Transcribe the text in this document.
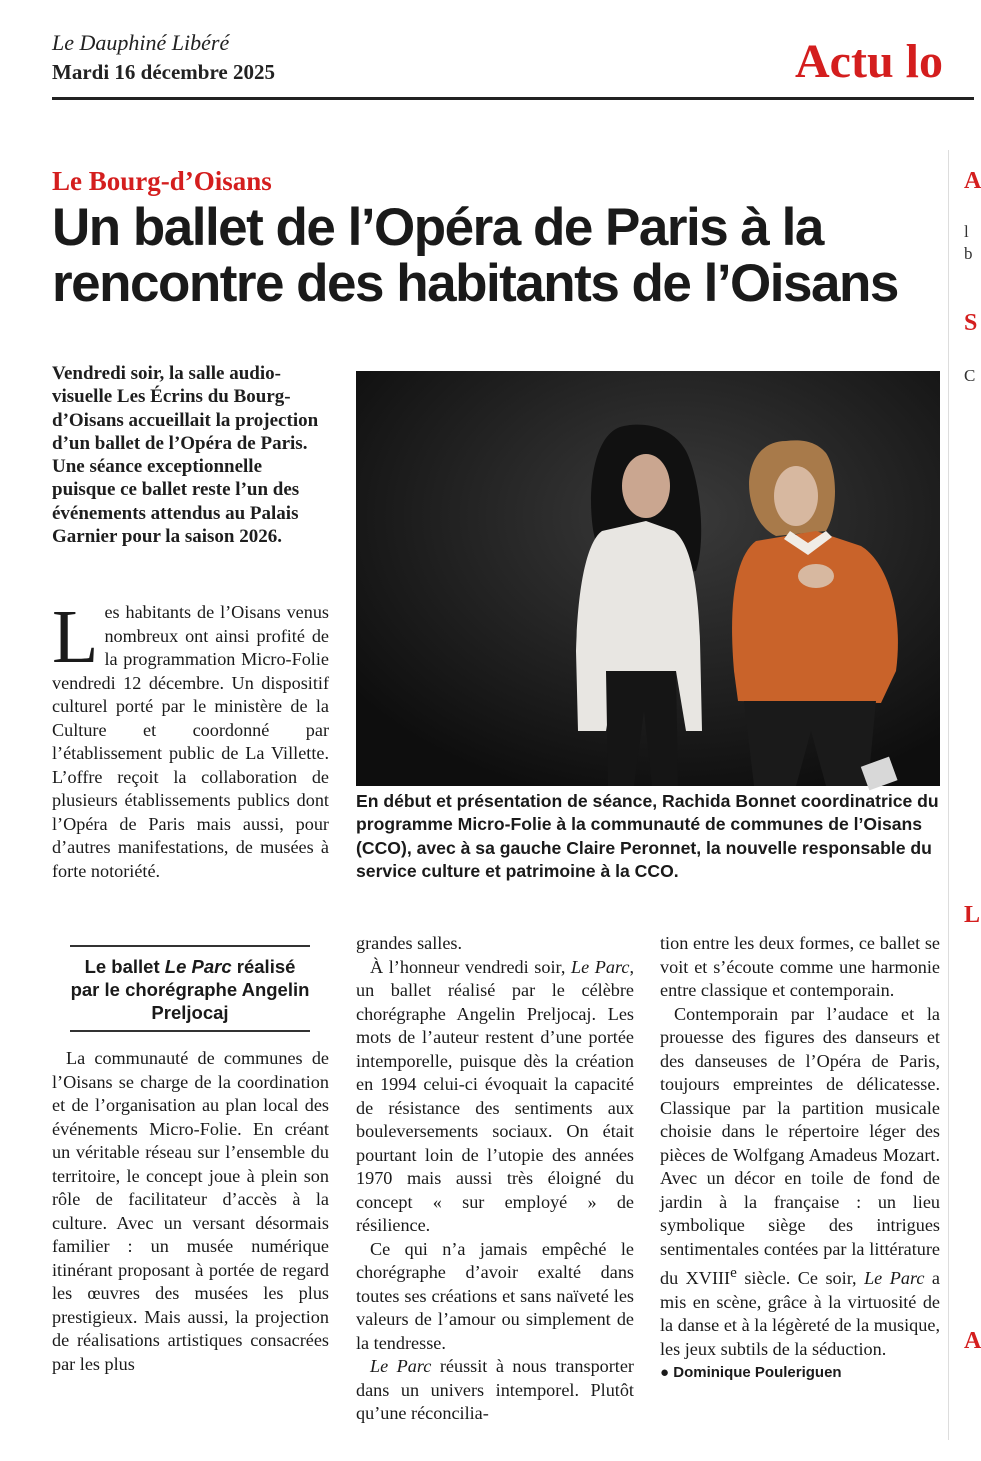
Le Dauphiné Libéré
Mardi 16 décembre 2025	Actu lo
A
l
b
S
C
L
A
Le Bourg-d’Oisans
Un ballet de l’Opéra de Paris à la
rencontre des habitants de l’Oisans
Vendredi soir, la salle audio-visuelle Les Écrins du Bourg-d’Oisans accueillait la projection d’un ballet de l’Opéra de Paris. Une séance exceptionnelle puisque ce ballet reste l’un des événements attendus au Palais Garnier pour la saison 2026.
Les habitants de l’Oisans venus nombreux ont ainsi profité de la programmation Micro-Folie vendredi 12 décembre. Un dispositif culturel porté par le ministère de la Culture et coordonné par l’établissement public de La Villette. L’offre reçoit la collaboration de plusieurs établissements publics dont l’Opéra de Paris mais aussi, pour d’autres manifestations, de musées à forte notoriété.
Le ballet Le Parc réalisé par le chorégraphe Angelin Preljocaj

La communauté de communes de l’Oisans se charge de la coordination et de l’organisation au plan local des événements Micro-Folie. En créant un véritable réseau sur l’ensemble du territoire, le concept joue à plein son rôle de facilitateur d’accès à la culture. Avec un versant désormais familier : un musée numérique itinérant proposant à portée de regard les œuvres des musées les plus prestigieux. Mais aussi, la projection de réalisations artistiques consacrées par les plus

En début et présentation de séance, Rachida Bonnet coordinatrice du programme Micro-Folie à la communauté de communes de l’Oisans (CCO), avec à sa gauche Claire Peronnet, la nouvelle responsable du service culture et patrimoine à la CCO.

grandes salles.

À l’honneur vendredi soir, Le Parc, un ballet réalisé par le célèbre chorégraphe Angelin Preljocaj. Les mots de l’auteur restent d’une portée intemporelle, puisque dès la création en 1994 celui-ci évoquait la capacité de résistance des sentiments aux bouleversements sociaux. On était pourtant loin de l’utopie des années 1970 mais aussi très éloigné du concept « sur employé » de résilience.

Ce qui n’a jamais empêché le chorégraphe d’avoir exalté dans toutes ses créations et sans naïveté les valeurs de l’amour ou simplement de la tendresse.

Le Parc réussit à nous transporter dans un univers intemporel. Plutôt qu’une réconcilia-

tion entre les deux formes, ce ballet se voit et s’écoute comme une harmonie entre classique et contemporain.

Contemporain par l’audace et la prouesse des figures des danseurs et des danseuses de l’Opéra de Paris, toujours empreintes de délicatesse. Classique par la partition musicale choisie dans le répertoire léger des pièces de Wolfgang Amadeus Mozart. Avec un décor en toile de fond de jardin à la française : un lieu symbolique siège des intrigues sentimentales contées par la littérature du XVIIIe siècle. Ce soir, Le Parc a mis en scène, grâce à la virtuosité de la danse et à la légèreté de la musique, les jeux subtils de la séduction.

● Dominique Pouleriguen
